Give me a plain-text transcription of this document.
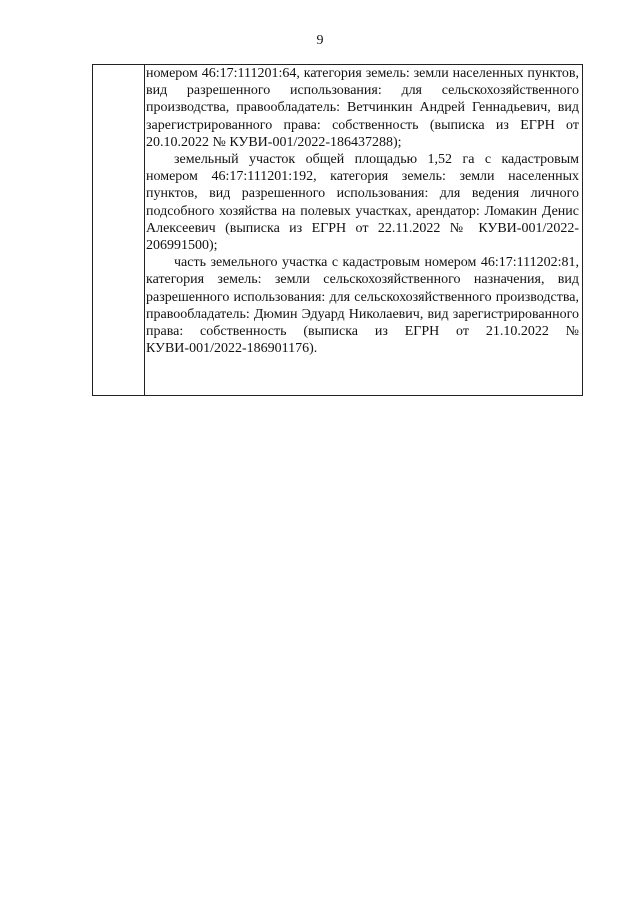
9

номером 46:17:111201:64, категория земель: земли населенных пунктов, вид разрешенного использования: для сельскохозяйственного производства, правообладатель: Ветчинкин Андрей Геннадьевич, вид зарегистрированного права: собственность (выписка из ЕГРН от 20.10.2022 № КУВИ-001/2022-186437288);

земельный участок общей площадью 1,52 га с кадастровым номером 46:17:111201:192, категория земель: земли населенных пунктов, вид разрешенного использования: для ведения личного подсобного хозяйства на полевых участках, арендатор: Ломакин Денис Алексеевич (выписка из ЕГРН от 22.11.2022 № КУВИ-001/2022-206991500);

часть земельного участка с кадастровым номером 46:17:111202:81, категория земель: земли сельскохозяйственного назначения, вид разрешенного использования: для сельскохозяйственного производства, правообладатель: Дюмин Эдуард Николаевич, вид зарегистрированного права: собственность (выписка из ЕГРН от 21.10.2022 № КУВИ-001/2022-186901176).
